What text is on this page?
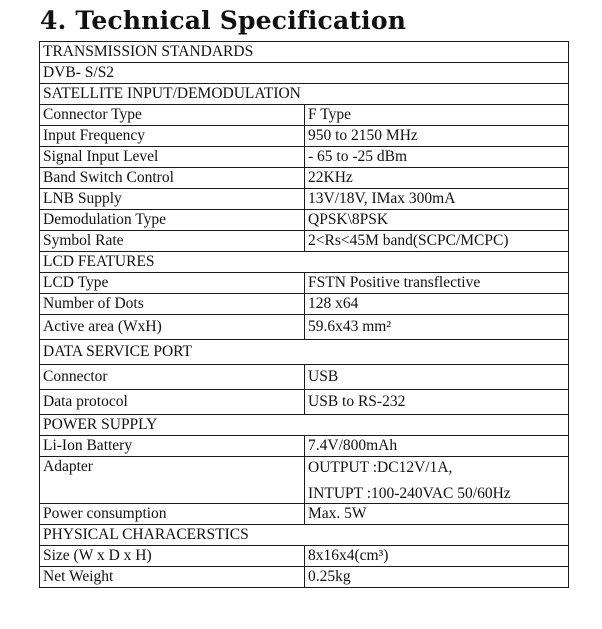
4. Technical Specification
TRANSMISSION STANDARDS	
DVB- S/S2	
SATELLITE INPUT/DEMODULATION	
Connector Type	F Type
Input Frequency	950 to 2150 MHz
Signal Input Level	- 65 to -25 dBm
Band Switch Control	22KHz
LNB Supply	13V/18V, IMax 300mA
Demodulation Type	QPSK\8PSK
Symbol Rate	2<Rs<45M band(SCPC/MCPC)
LCD FEATURES	
LCD Type	FSTN Positive transflective
Number of Dots	128 x64
Active area (WxH)	59.6x43 mm²
DATA SERVICE PORT	
Connector	USB
Data protocol	USB to RS-232
POWER SUPPLY	
Li-Ion Battery	7.4V/800mAh
Adapter	OUTPUT :DC12V/1A,
INTUPT :100-240VAC 50/60Hz

Power consumption	Max. 5W
PHYSICAL CHARACERSTICS	
Size (W x D x H)	8x16x4(cm³)
Net Weight	0.25kg
